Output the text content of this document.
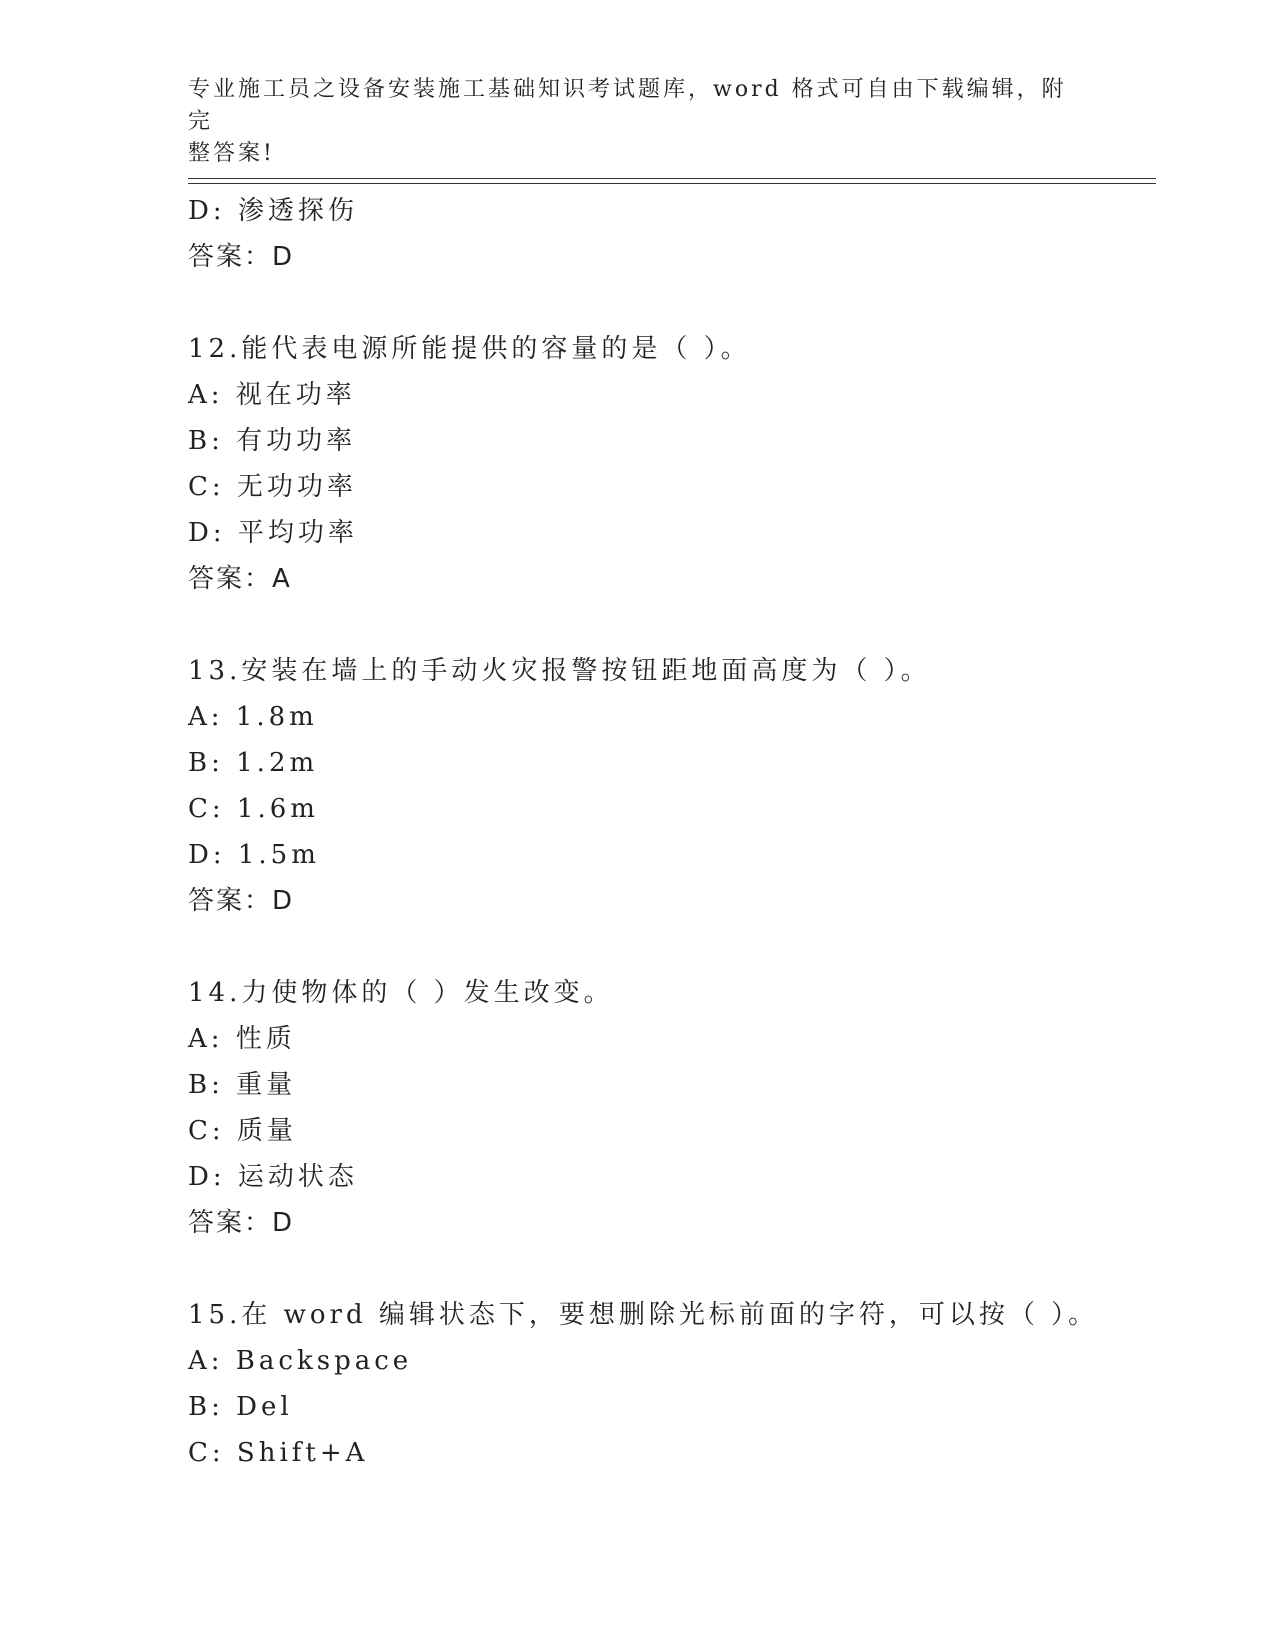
专业施工员之设备安装施工基础知识考试题库，word 格式可自由下载编辑，附完
整答案!
D: 渗透探伤
答案：D
12.能代表电源所能提供的容量的是（ ）。
A: 视在功率
B: 有功功率
C: 无功功率
D: 平均功率
答案：A
13.安装在墙上的手动火灾报警按钮距地面高度为（ ）。
A: 1.8m
B: 1.2m
C: 1.6m
D: 1.5m
答案：D
14.力使物体的（ ）发生改变。
A: 性质
B: 重量
C: 质量
D: 运动状态
答案：D
15.在 word 编辑状态下，要想删除光标前面的字符，可以按（ ）。
A: Backspace
B: Del
C: Shift+A
